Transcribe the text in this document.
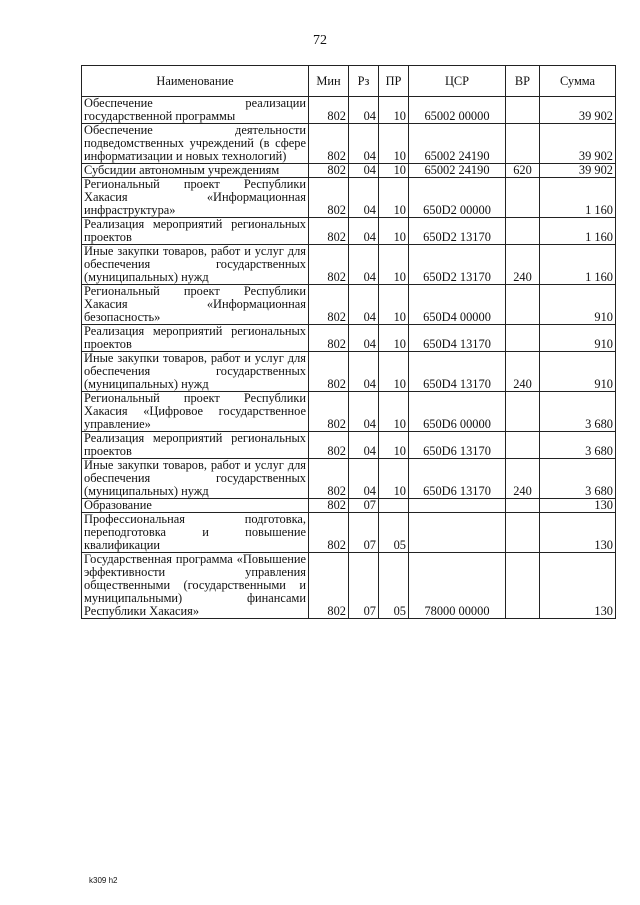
72
Наименование	Мин	Рз	ПР	ЦСР	ВР	Сумма
Обеспечение реализации государственной программы	802	04	10	65002 00000		39 902
Обеспечение деятельности подведомственных учреждений (в сфере информатизации и новых технологий)	802	04	10	65002 24190		39 902
Субсидии автономным учреждениям	802	04	10	65002 24190	620	39 902
Региональный проект Республики Хакасия «Информационная инфраструктура»	802	04	10	650D2 00000		1 160
Реализация мероприятий региональных проектов	802	04	10	650D2 13170		1 160
Иные закупки товаров, работ и услуг для обеспечения государственных (муниципальных) нужд	802	04	10	650D2 13170	240	1 160
Региональный проект Республики Хакасия «Информационная безопасность»	802	04	10	650D4 00000		910
Реализация мероприятий региональных проектов	802	04	10	650D4 13170		910
Иные закупки товаров, работ и услуг для обеспечения государственных (муниципальных) нужд	802	04	10	650D4 13170	240	910
Региональный проект Республики Хакасия «Цифровое государственное управление»	802	04	10	650D6 00000		3 680
Реализация мероприятий региональных проектов	802	04	10	650D6 13170		3 680
Иные закупки товаров, работ и услуг для обеспечения государственных (муниципальных) нужд	802	04	10	650D6 13170	240	3 680
Образование	802	07				130
Профессиональная подготовка, переподготовка и повышение квалификации	802	07	05			130
Государственная программа «Повышение эффективности управления общественными (государственными и муниципальными) финансами Республики Хакасия»	802	07	05	78000 00000		130
k309 h2
